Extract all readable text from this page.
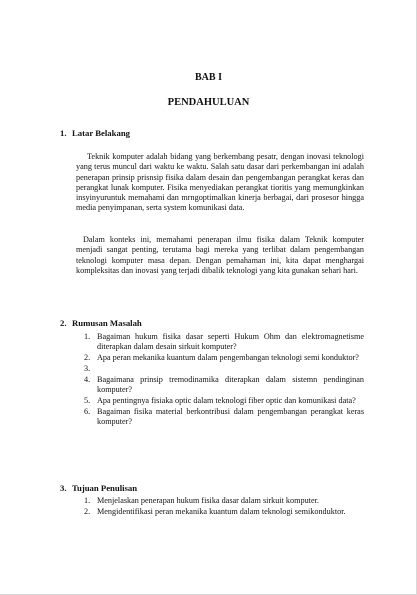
BAB I
PENDAHULUAN
1. Latar Belakang

Teknik komputer adalah bidang yang berkembang pesatr, dengan inovasi teknologi yang terus muncul dari waktu ke waktu. Salah satu dasar dari perkembangan ini adalah penerapan prinsip prisnsip fisika dalam desain dan pengembangan perangkat keras dan perangkat lunak komputer. Fisika menyediakan perangkat tioritis yang memungkinkan insyinyuruntuk memahami dan mrngoptimalkan kinerja berbagai, dari prosesor hingga media penyimpanan, serta system komunikasi data.

Dalam konteks ini, memahami penerapan ilmu fisika dalam Teknik komputer menjadi sangat penting, terutama bagi mereka yang terlibat dalam pengembangan teknologi komputer masa depan. Dengan pemahaman ini, kita dapat menghargai kompleksitas dan inovasi yang terjadi dibalik teknologi yang kita gunakan sehari hari.

2. Rumusan Masalah
1. Bagaiman hukum fisika dasar seperti Hukum Ohm dan elektromagnetisme diterapkan dalam desain sirkuit komputer?
2. Apa peran mekanika kuantum dalam pengembangan teknologi semi konduktor?
3.
4. Bagaimana prinsip tremodinamika diterapkan dalam sistemn pendinginan komputer?
5. Apa pentingnya fisiaka optic dalam teknologi fiber optic dan komunikasi data?
6. Bagaiman fisika material berkontribusi dalam pengembangan perangkat keras komputer?
3. Tujuan Penulisan
1. Menjelaskan penerapan hukum fisika dasar dalam sirkuit komputer.
2. Mengidentifikasi peran mekanika kuantum dalam teknologi semikonduktor.
